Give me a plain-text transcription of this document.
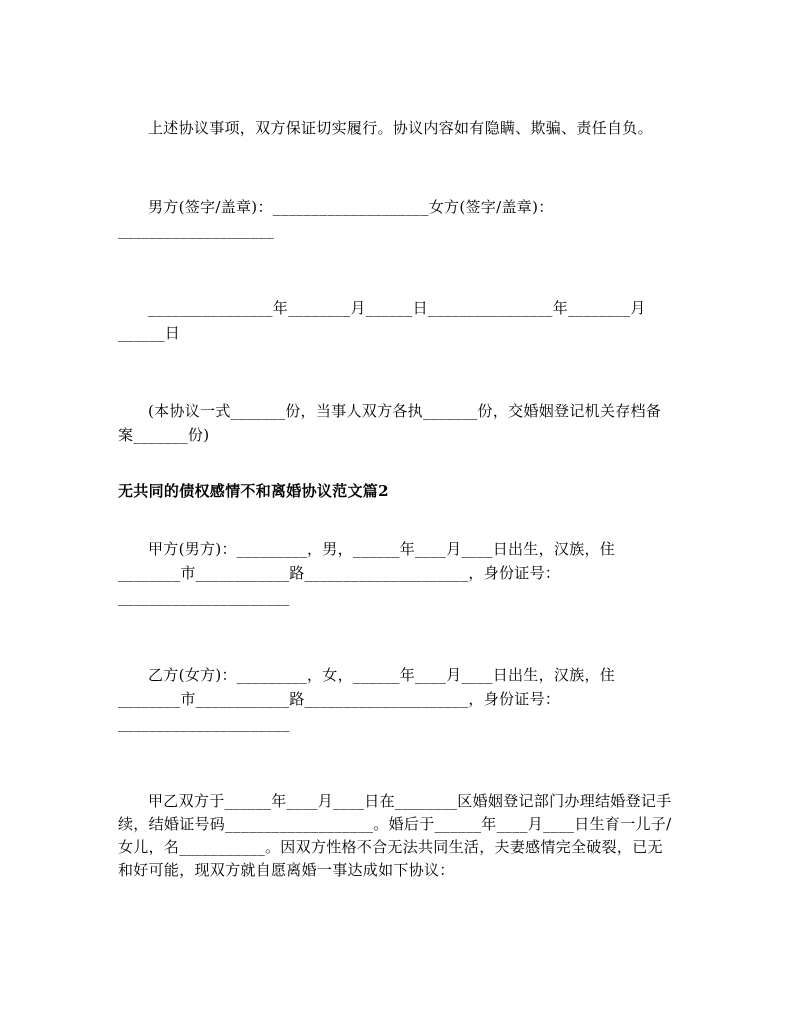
上述协议事项，双方保证切实履行。协议内容如有隐瞒、欺骗、责任自负。
男方(签字/盖章)：____________________女方(签字/盖章)：
____________________
________________年________月______日________________年________月
______日
(本协议一式_______份，当事人双方各执_______份，交婚姻登记机关存档备
案_______份)
无共同的债权感情不和离婚协议范文篇2
甲方(男方)：_________，男，______年____月____日出生，汉族，住
________市____________路_____________________，身份证号：
______________________
乙方(女方)：_________，女，______年____月____日出生，汉族，住
________市____________路_____________________，身份证号：
______________________
甲乙双方于______年____月____日在________区婚姻登记部门办理结婚登记手
续，结婚证号码___________________。婚后于______年____月____日生育一儿子/
女儿，名___________。因双方性格不合无法共同生活，夫妻感情完全破裂，已无
和好可能，现双方就自愿离婚一事达成如下协议：
